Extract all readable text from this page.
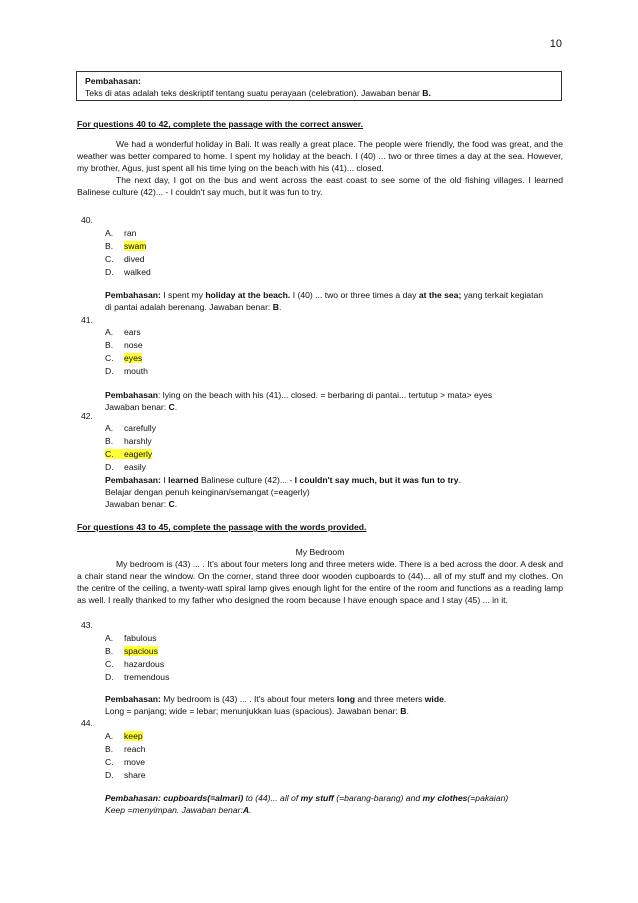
10
Pembahasan:
Teks di atas adalah teks deskriptif tentang suatu perayaan (celebration). Jawaban benar B.
For questions 40 to 42, complete the passage with the correct answer.
We had a wonderful holiday in Bali. It was really a great place. The people were friendly, the food was great, and the weather was better compared to home. I spent my holiday at the beach. I (40) ... two or three times a day at the sea. However, my brother, Agus, just spent all his time lying on the beach with his (41)... closed.
The next day, I got on the bus and went across the east coast to see some of the old fishing villages. I learned Balinese culture (42)... - I couldn't say much, but it was fun to try.
40.
A. ran
B. swam
C. dived
D. walked
Pembahasan: I spent my holiday at the beach. I (40) ... two or three times a day at the sea; yang terkait kegiatan
di pantai adalah berenang. Jawaban benar: B.
41.
A. ears
B. nose
C. eyes
D. mouth
Pembahasan: lying on the beach with his (41)... closed. = berbaring di pantai... tertutup > mata> eyes
Jawaban benar: C.
42.
A. carefully
B. harshly
C. eagerly
D. easily
Pembahasan: I learned Balinese culture (42)... - I couldn't say much, but it was fun to try.
Belajar dengan penuh keinginan/semangat (=eagerly)
Jawaban benar: C.
For questions 43 to 45, complete the passage with the words provided.
My Bedroom
My bedroom is (43) ... . It's about four meters long and three meters wide. There is a bed across the door. A desk and a chair stand near the window. On the corner, stand three door wooden cupboards to (44)... all of my stuff and my clothes. On the centre of the ceiling, a twenty-watt spiral lamp gives enough light for the entire of the room and functions as a reading lamp as well. I really thanked to my father who designed the room because I have enough space and I stay (45) ... in it.
43.
A. fabulous
B. spacious
C. hazardous
D. tremendous
Pembahasan: My bedroom is (43) ... . It's about four meters long and three meters wide.
Long = panjang; wide = lebar; menunjukkan luas (spacious). Jawaban benar: B.
44.
A. keep
B. reach
C. move
D. share
Pembahasan: cupboards(=almari) to (44)... all of my stuff (=barang-barang) and my clothes(=pakaian)
Keep =menyimpan. Jawaban benar:A.
